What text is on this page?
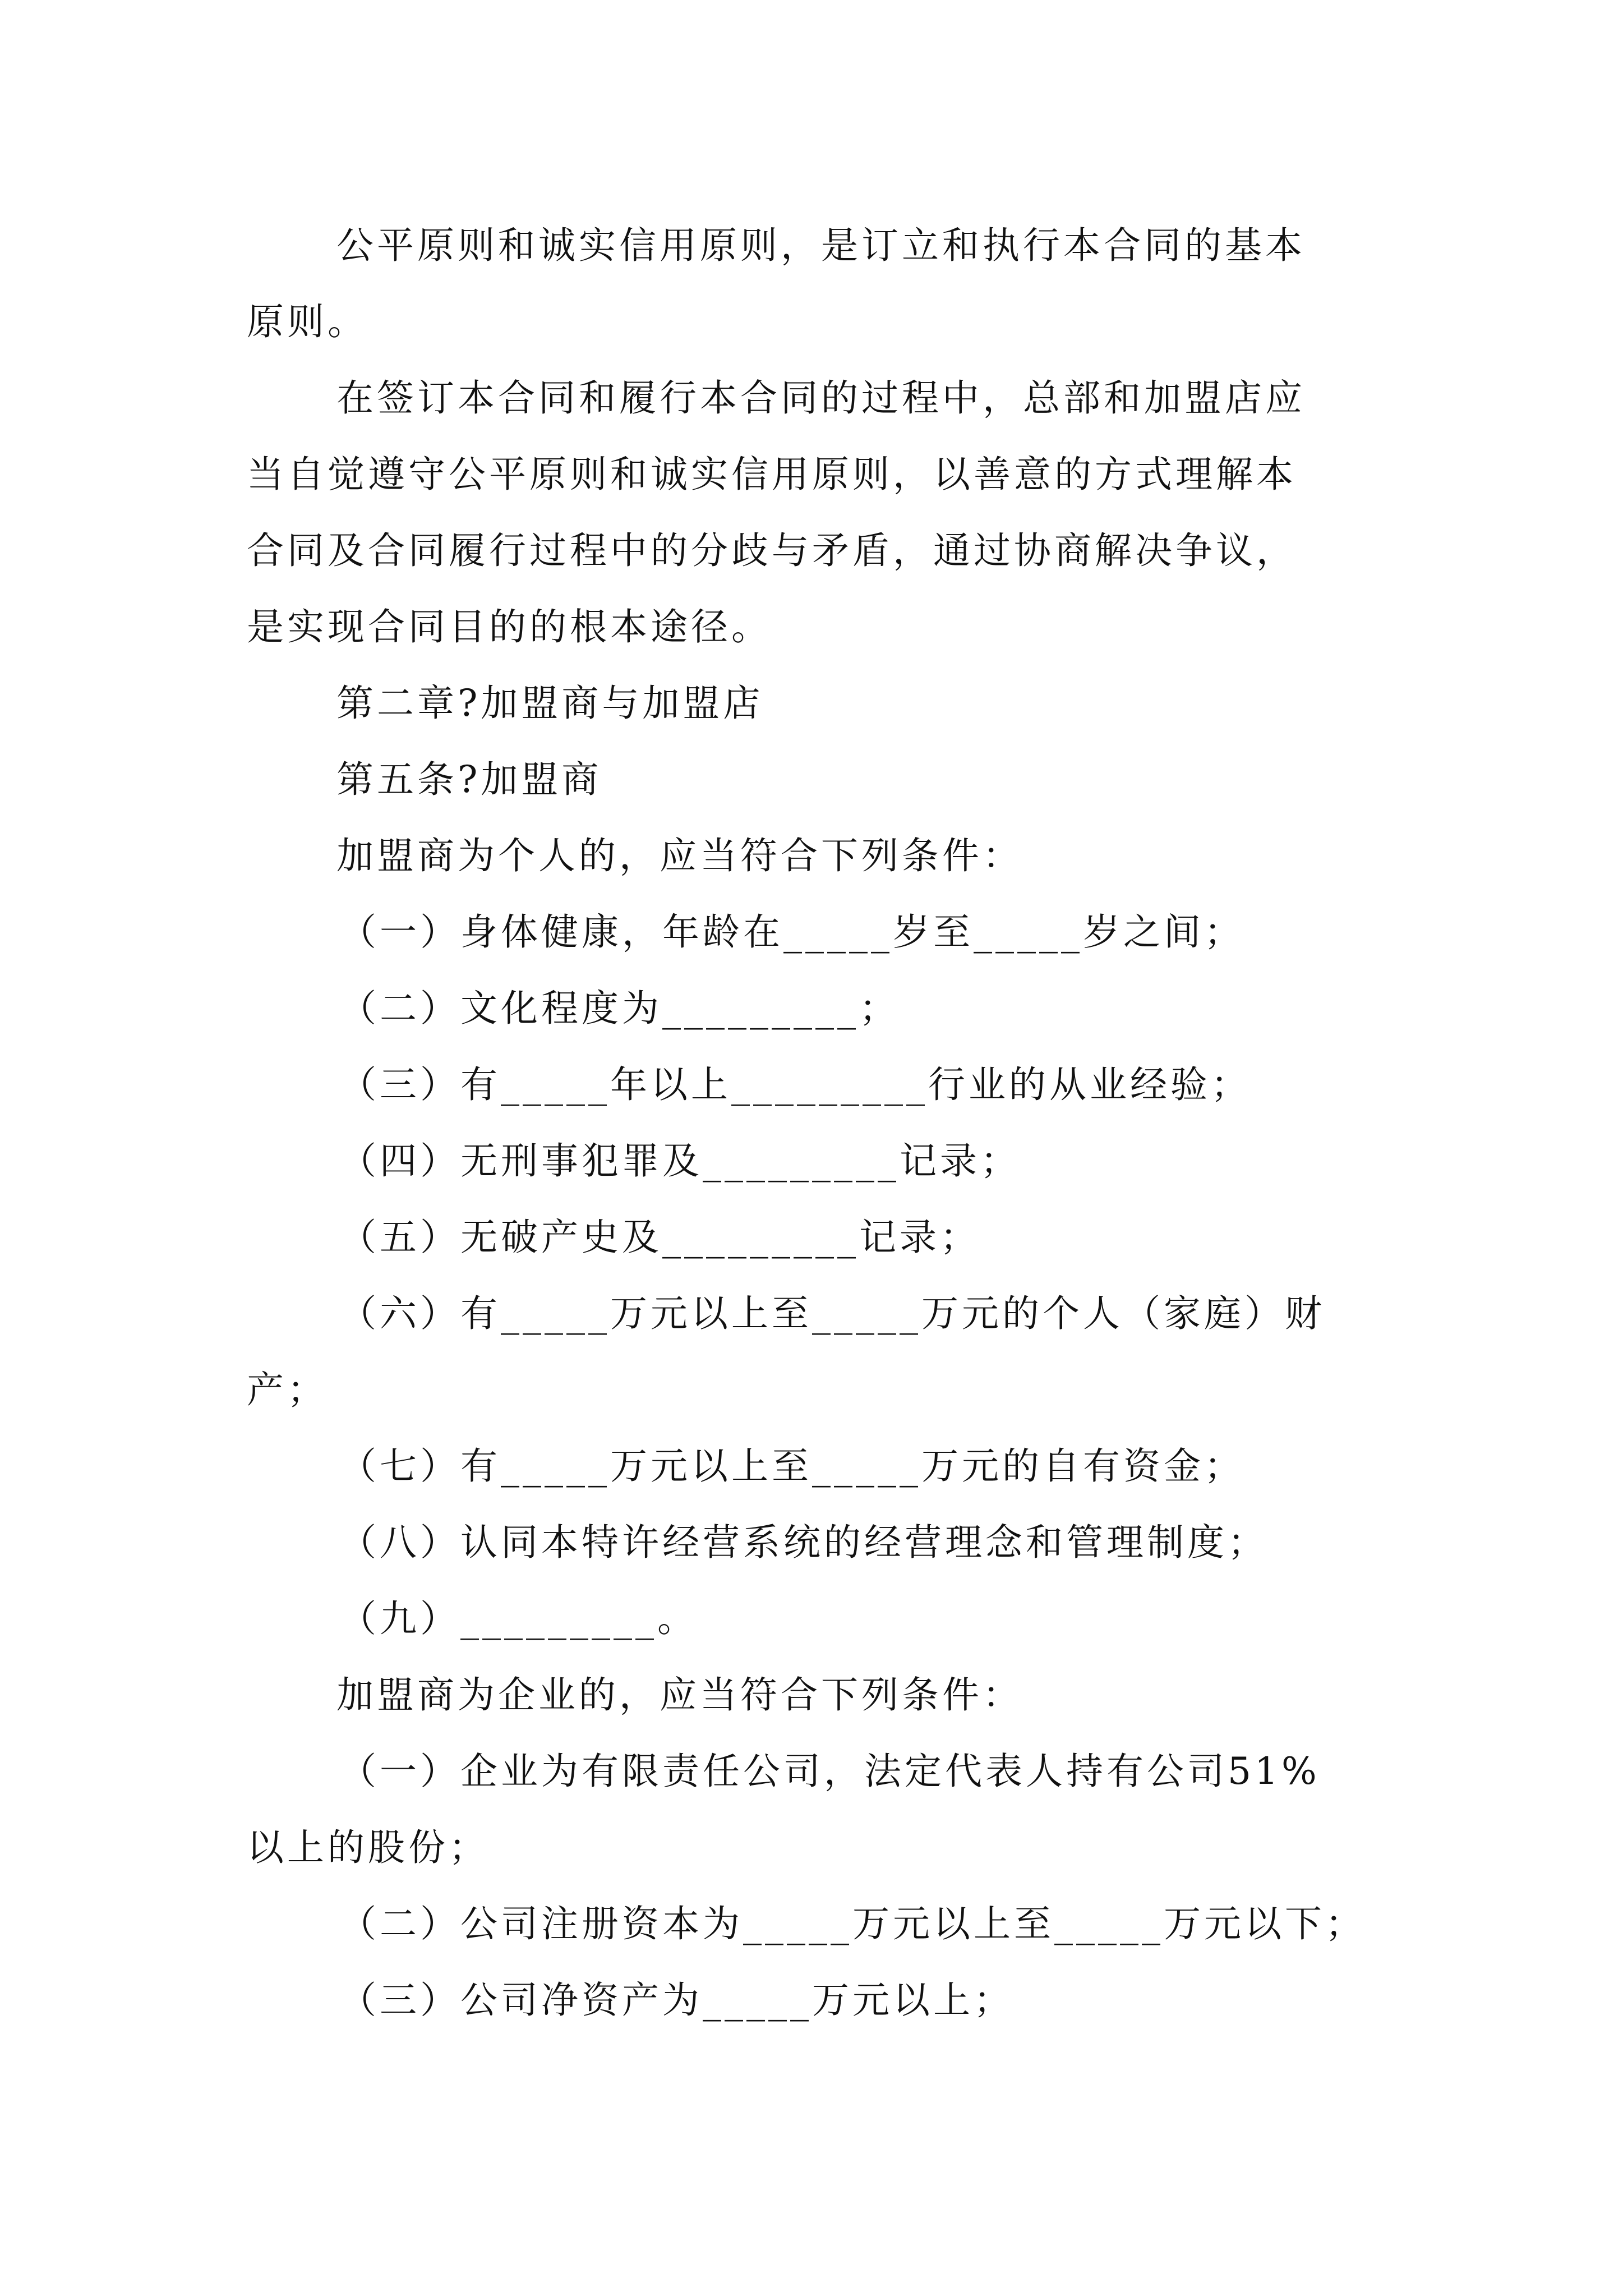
公平原则和诚实信用原则，是订立和执行本合同的基本
原则。
在签订本合同和履行本合同的过程中，总部和加盟店应
当自觉遵守公平原则和诚实信用原则，以善意的方式理解本
合同及合同履行过程中的分歧与矛盾，通过协商解决争议，
是实现合同目的的根本途径。
第二章?加盟商与加盟店
第五条?加盟商
加盟商为个人的，应当符合下列条件：
（一）身体健康，年龄在_____岁至_____岁之间；
（二）文化程度为_________；
（三）有_____年以上_________行业的从业经验；
（四）无刑事犯罪及_________记录；
（五）无破产史及_________记录；
（六）有_____万元以上至_____万元的个人（家庭）财
产；
（七）有_____万元以上至_____万元的自有资金；
（八）认同本特许经营系统的经营理念和管理制度；
（九）_________。
加盟商为企业的，应当符合下列条件：
（一）企业为有限责任公司，法定代表人持有公司51%
以上的股份；
（二）公司注册资本为_____万元以上至_____万元以下；
（三）公司净资产为_____万元以上；
